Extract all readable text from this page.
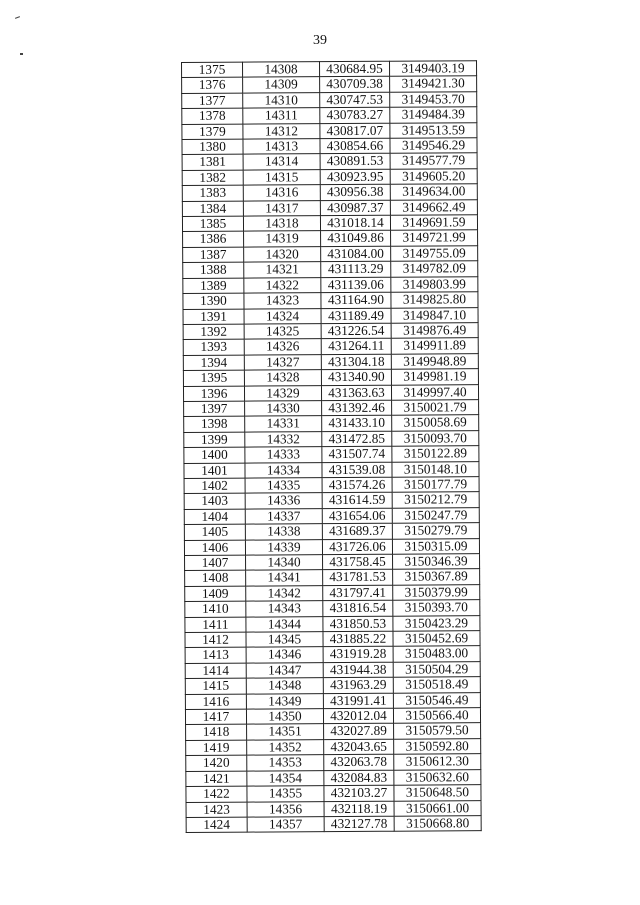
39
1375	14308	430684.95	3149403.19
1376	14309	430709.38	3149421.30
1377	14310	430747.53	3149453.70
1378	14311	430783.27	3149484.39
1379	14312	430817.07	3149513.59
1380	14313	430854.66	3149546.29
1381	14314	430891.53	3149577.79
1382	14315	430923.95	3149605.20
1383	14316	430956.38	3149634.00
1384	14317	430987.37	3149662.49
1385	14318	431018.14	3149691.59
1386	14319	431049.86	3149721.99
1387	14320	431084.00	3149755.09
1388	14321	431113.29	3149782.09
1389	14322	431139.06	3149803.99
1390	14323	431164.90	3149825.80
1391	14324	431189.49	3149847.10
1392	14325	431226.54	3149876.49
1393	14326	431264.11	3149911.89
1394	14327	431304.18	3149948.89
1395	14328	431340.90	3149981.19
1396	14329	431363.63	3149997.40
1397	14330	431392.46	3150021.79
1398	14331	431433.10	3150058.69
1399	14332	431472.85	3150093.70
1400	14333	431507.74	3150122.89
1401	14334	431539.08	3150148.10
1402	14335	431574.26	3150177.79
1403	14336	431614.59	3150212.79
1404	14337	431654.06	3150247.79
1405	14338	431689.37	3150279.79
1406	14339	431726.06	3150315.09
1407	14340	431758.45	3150346.39
1408	14341	431781.53	3150367.89
1409	14342	431797.41	3150379.99
1410	14343	431816.54	3150393.70
1411	14344	431850.53	3150423.29
1412	14345	431885.22	3150452.69
1413	14346	431919.28	3150483.00
1414	14347	431944.38	3150504.29
1415	14348	431963.29	3150518.49
1416	14349	431991.41	3150546.49
1417	14350	432012.04	3150566.40
1418	14351	432027.89	3150579.50
1419	14352	432043.65	3150592.80
1420	14353	432063.78	3150612.30
1421	14354	432084.83	3150632.60
1422	14355	432103.27	3150648.50
1423	14356	432118.19	3150661.00
1424	14357	432127.78	3150668.80
